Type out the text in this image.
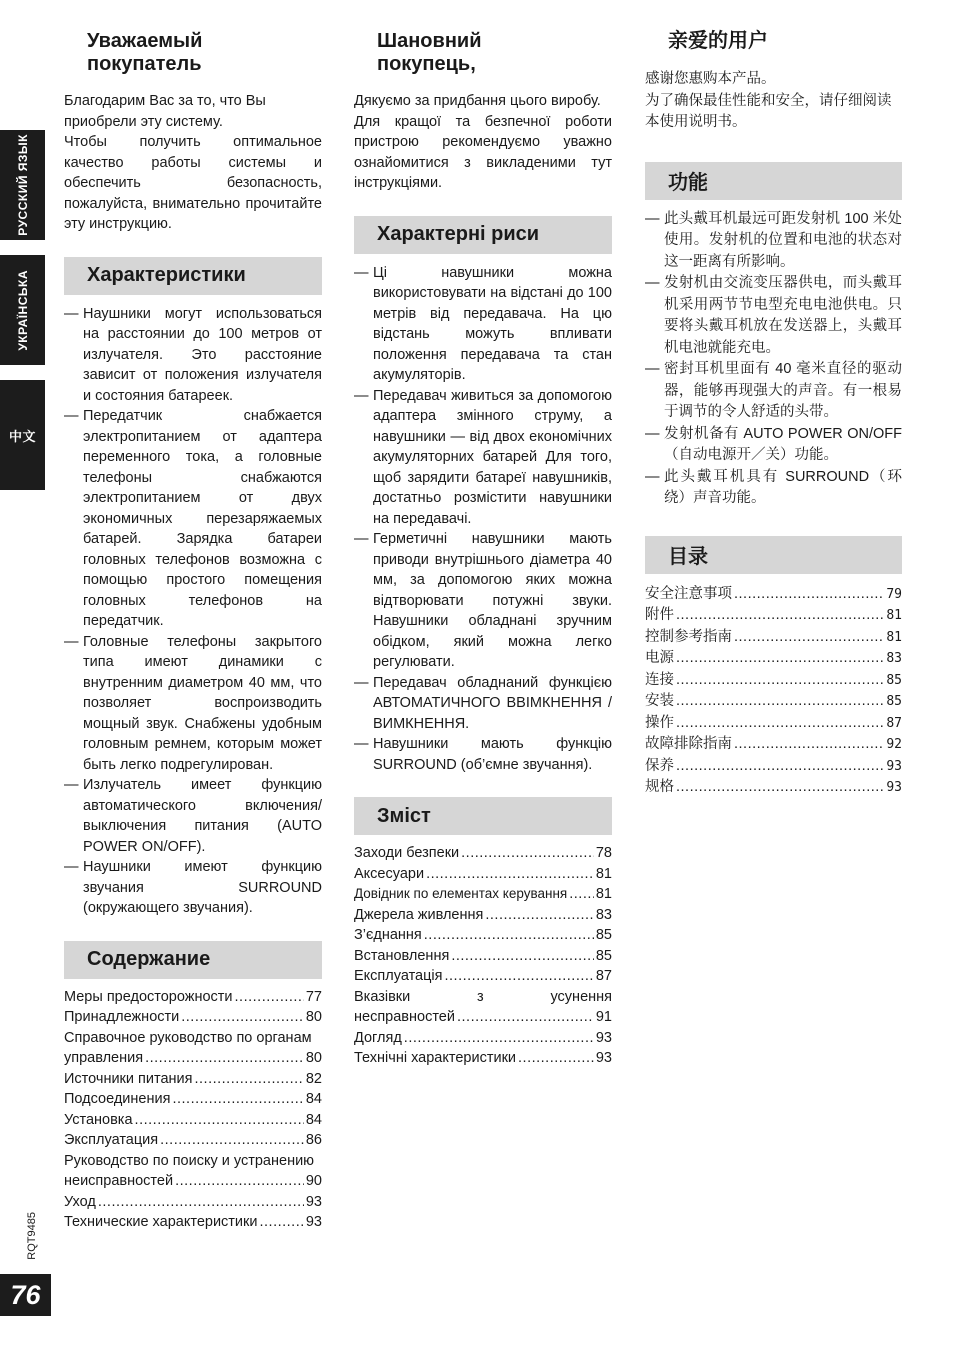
РУССКИЙ ЯЗЫК
УКРАЇНСЬКА
中文
RQT9485
76
Уважаемый покупатель

Благодарим Вас за то, что Вы приобрели эту систему.

Чтобы получить оптимальное качество работы системы и обеспечить безопасность, пожалуйста, внимательно прочитайте эту инструкцию.

Характеристики
— Наушники могут использоваться на расстоянии до 100 метров от излучателя. Это расстояние зависит от положения излучателя и состояния батареек.
— Передатчик снабжается электропитанием от адаптера переменного тока, а головные телефоны снабжаются электропитанием от двух экономичных перезаряжаемых батарей. Зарядка батареи головных телефонов возможна с помощью простого помещения головных телефонов на передатчик.
— Головные телефоны закрытого типа имеют динамики с внутренним диаметром 40 мм, что позволяет воспроизводить мощный звук. Снабжены удобным головным ремнем, которым может быть легко подрегулирован.
— Излучатель имеет функцию автоматического включения/ выключения питания (AUTO POWER ON/OFF).
— Наушники имеют функцию звучания SURROUND (окружающего звучания).
Содержание
Меры предосторожности .....	77
Принадлежности .....	80
Справочное руководство по органам
управления .....	80
Источники питания .....	82
Подсоединения .....	84
Установка .....	84
Эксплуатация .....	86
Руководство по поиску и устранению
неисправностей .....	90
Уход .....	93
Технические характеристики .....	93
Шановний покупець,

Дякуємо за придбання цього виробу.

Для кращої та безпечної роботи пристрою рекомендуємо уважно ознайомитися з викладеними тут інструкціями.

Характерні риси
— Ці навушники можна використовувати на відстані до 100 метрів від передавача. На цю відстань можуть впливати положення передавача та стан акумуляторів.
— Передавач живиться за допомогою адаптера змінного струму, а навушники — від двох економічних акумуляторних батарей Для того, щоб зарядити батареї навушників, достатньо розмістити навушники на передавачі.
— Герметичні навушники мають приводи внутрішнього діаметра 40 мм, за допомогою яких можна відтворювати потужні звуки. Навушники обладнані зручним обідком, який можна легко регулювати.
— Передавач обладнаний функцією АВТОМАТИЧНОГО ВВІМКНЕННЯ /ВИМКНЕННЯ.
— Навушники мають функцію SURROUND (об’ємне звучання).
Зміст
Заходи безпеки .....	78
Аксесуари .....	81
Довідник по елементах керування ..... 81
Джерела живлення .....	83
З’єднання .....	85
Встановлення .....	85
Експлуатація .....	87
Вказівки з усунення
несправностей .....	91
Догляд .....	93
Технічні характеристики .....	93
亲爱的用户

感谢您惠购本产品。

为了确保最佳性能和安全，请仔细阅读本使用说明书。

功能
— 此头戴耳机最远可距发射机 100 米处使用。发射机的位置和电池的状态对这一距离有所影响。
— 发射机由交流变压器供电，而头戴耳机采用两节节电型充电电池供电。只要将头戴耳机放在发送器上，头戴耳机电池就能充电。
— 密封耳机里面有 40 毫米直径的驱动器，能够再现强大的声音。有一根易于调节的令人舒适的头带。
— 发射机备有 AUTO POWER ON/OFF（自动电源开／关）功能。
— 此头戴耳机具有 SURROUND（环绕）声音功能。
目录
安全注意事项 .....	79
附件 .....	81
控制参考指南 .....	81
电源 .....	83
连接 .....	85
安装 .....	85
操作 .....	87
故障排除指南 .....	92
保养 .....	93
规格 .....	93
